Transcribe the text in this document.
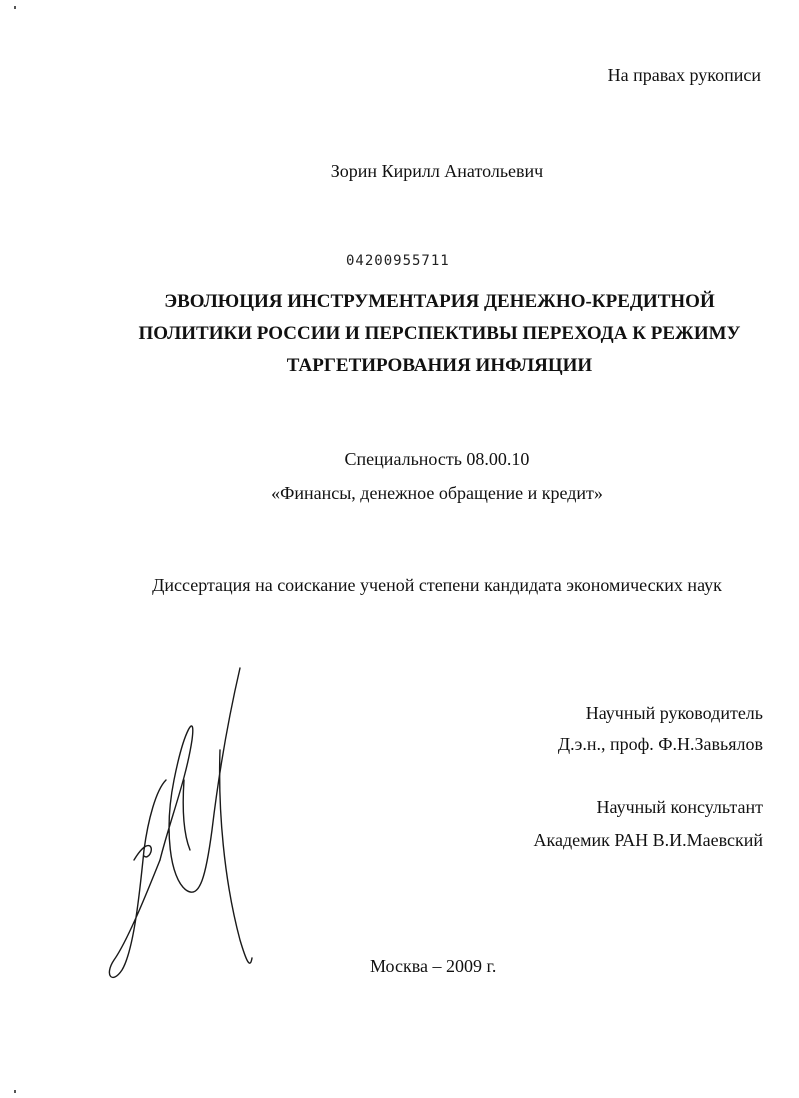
На правах рукописи
Зорин Кирилл Анатольевич
04200955711
ЭВОЛЮЦИЯ ИНСТРУМЕНТАРИЯ ДЕНЕЖНО-КРЕДИТНОЙ
ПОЛИТИКИ РОССИИ И ПЕРСПЕКТИВЫ ПЕРЕХОДА К РЕЖИМУ
ТАРГЕТИРОВАНИЯ ИНФЛЯЦИИ
Специальность 08.00.10
«Финансы, денежное обращение и кредит»
Диссертация на соискание ученой степени кандидата экономических наук
Научный руководитель
Д.э.н., проф. Ф.Н.Завьялов
Научный консультант
Академик РАН В.И.Маевский
Москва – 2009 г.
